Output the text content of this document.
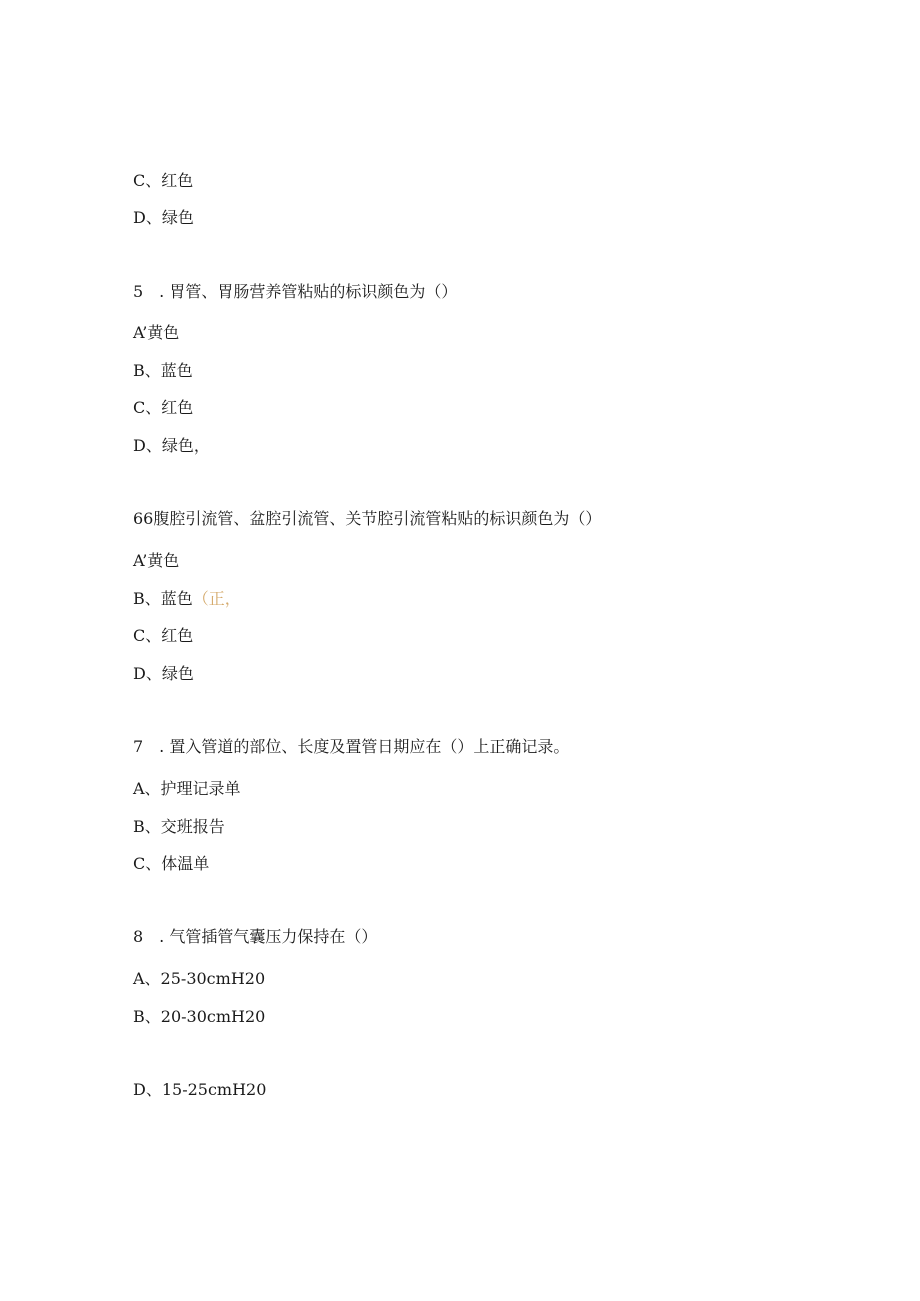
C、红色
D、绿色
5　. 胃管、胃肠营养管粘贴的标识颜色为（）
A’黄色
B、蓝色
C、红色
D、绿色，
66腹腔引流管、盆腔引流管、关节腔引流管粘贴的标识颜色为（）
A’黄色
B、蓝色（正，
C、红色
D、绿色
7　. 置入管道的部位、长度及置管日期应在（）上正确记录。
A、护理记录单
B、交班报告
C、体温单
8　. 气管插管气囊压力保持在（）
A、25-30cmH20
B、20-30cmH20
D、15-25cmH20
